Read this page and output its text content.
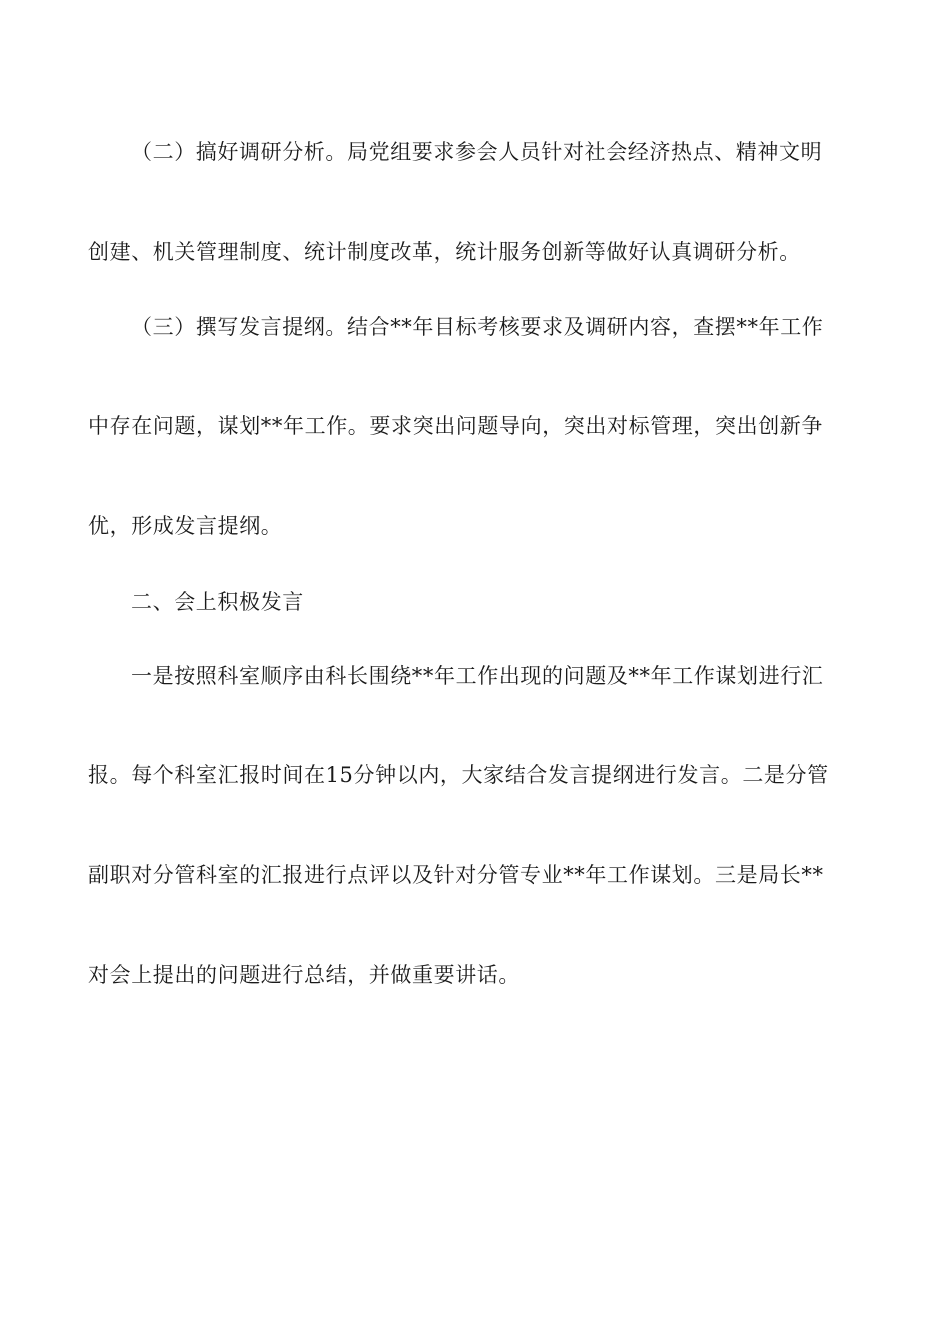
（二）搞好调研分析。局党组要求参会人员针对社会经济热点、精神文明
创建、机关管理制度、统计制度改革，统计服务创新等做好认真调研分析。
（三）撰写发言提纲。结合**年目标考核要求及调研内容，查摆**年工作
中存在问题，谋划**年工作。要求突出问题导向，突出对标管理，突出创新争
优，形成发言提纲。
二、会上积极发言
一是按照科室顺序由科长围绕**年工作出现的问题及**年工作谋划进行汇
报。每个科室汇报时间在15分钟以内，大家结合发言提纲进行发言。二是分管
副职对分管科室的汇报进行点评以及针对分管专业**年工作谋划。三是局长**
对会上提出的问题进行总结，并做重要讲话。
